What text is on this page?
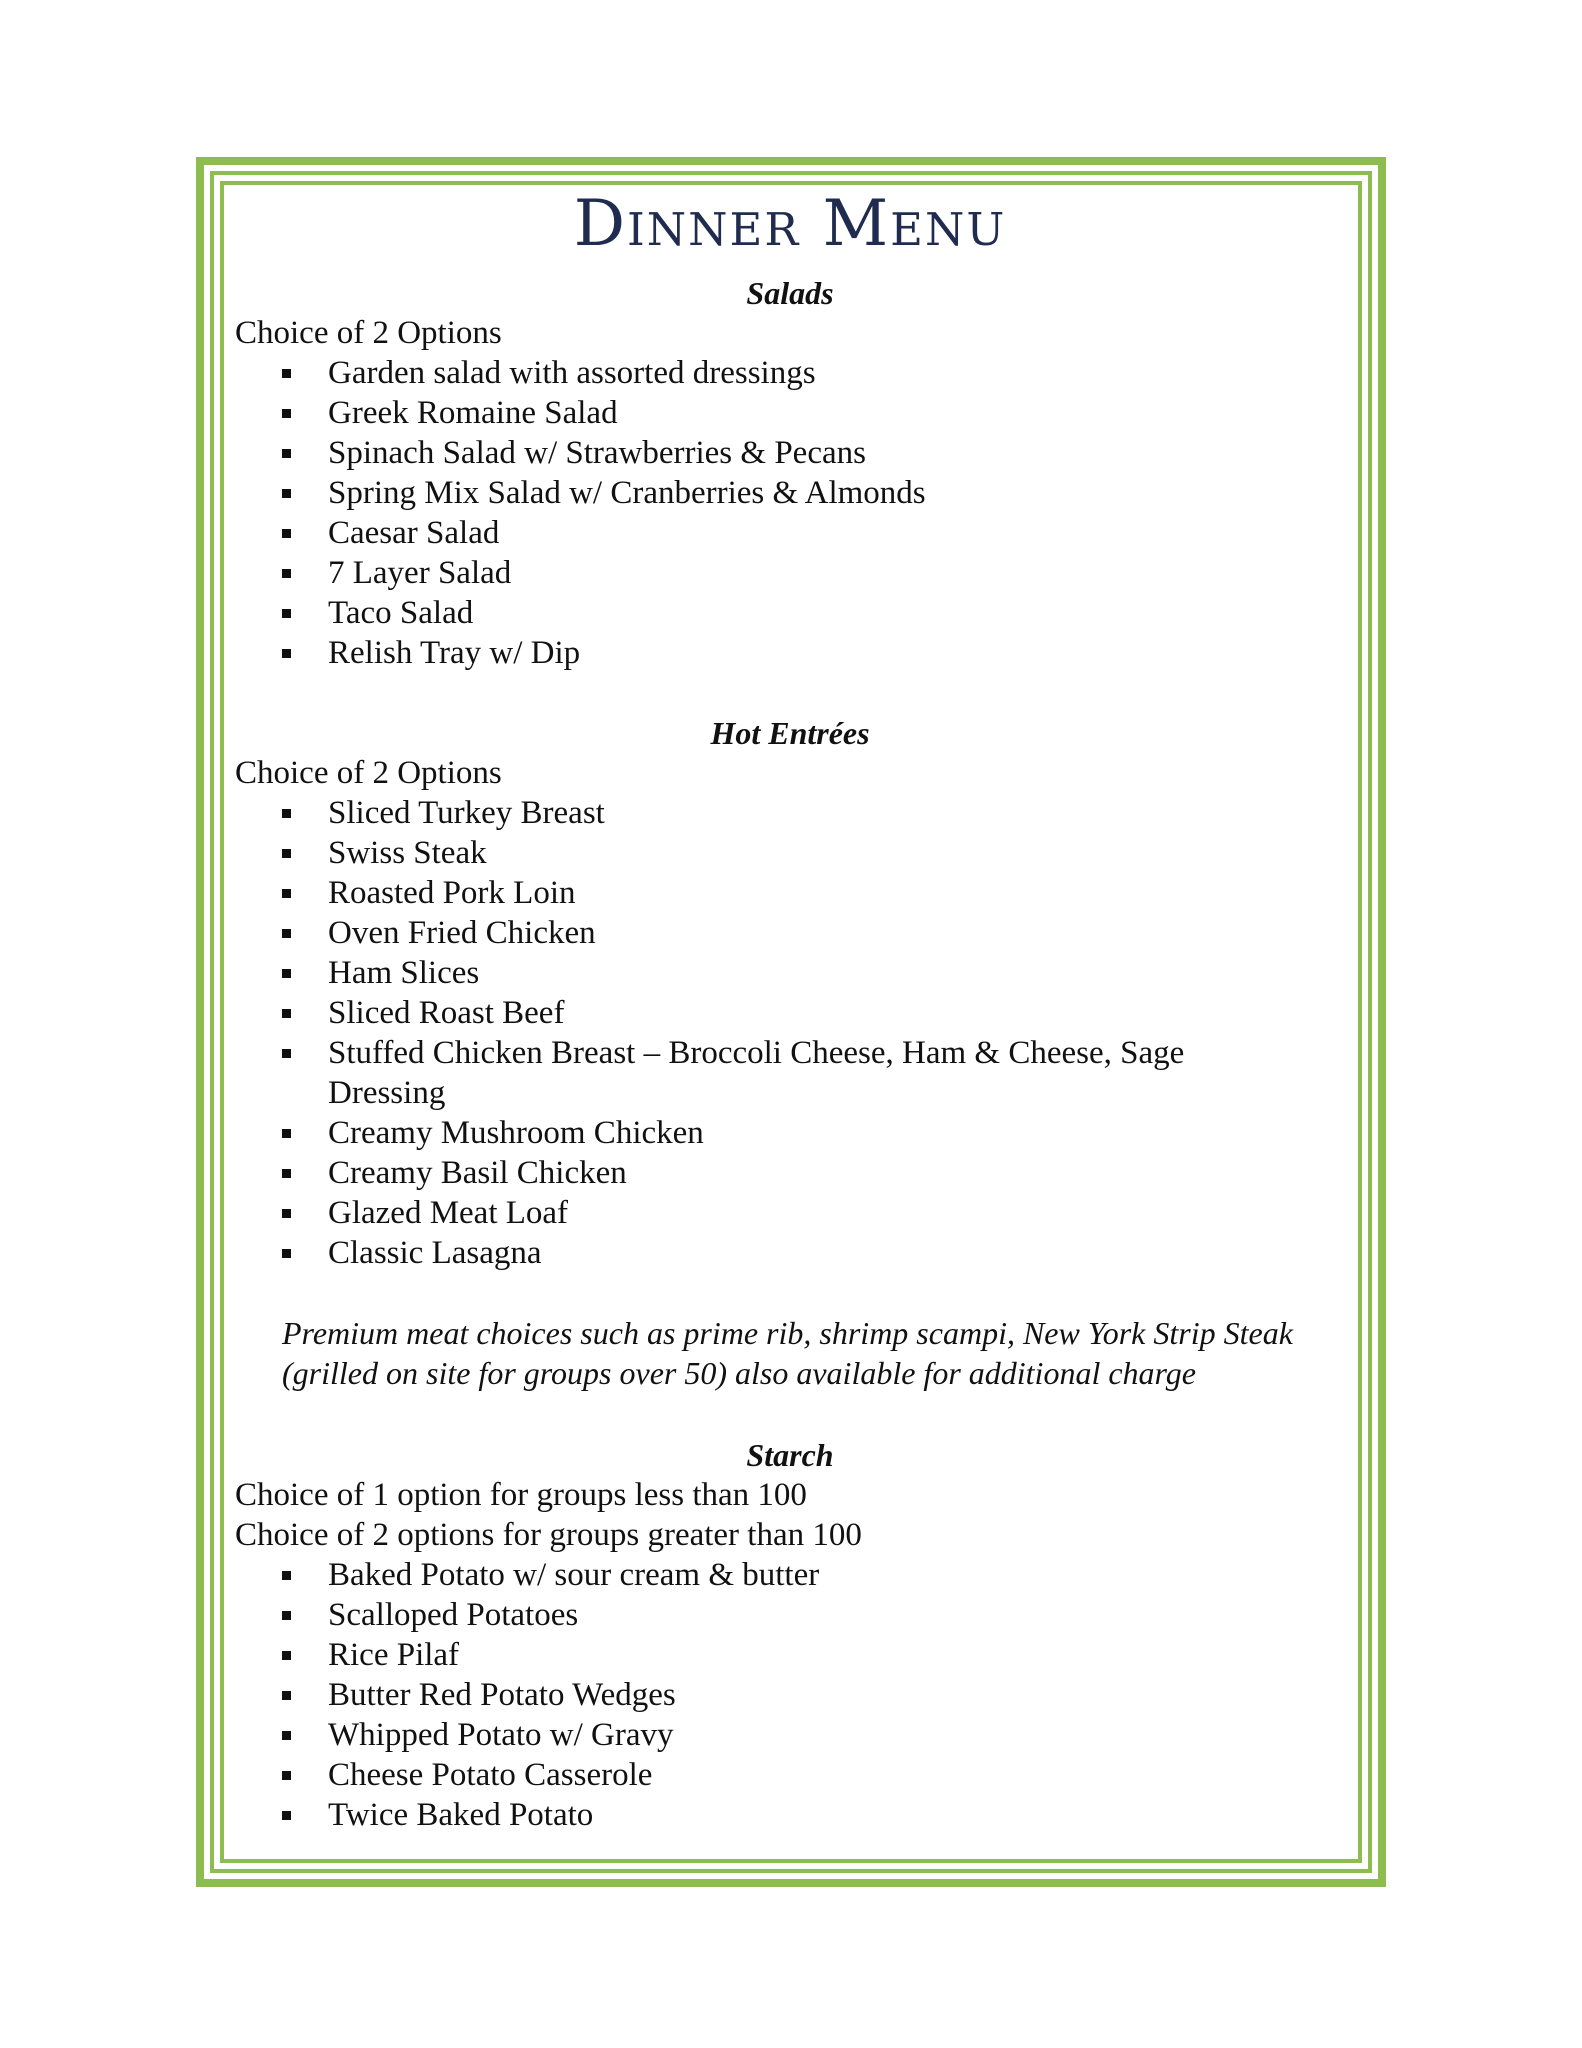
Dinner Menu
Salads
Choice of 2 Options
Garden salad with assorted dressings
Greek Romaine Salad
Spinach Salad w/ Strawberries & Pecans
Spring Mix Salad w/ Cranberries & Almonds
Caesar Salad
7 Layer Salad
Taco Salad
Relish Tray w/ Dip
Hot Entrées
Choice of 2 Options
Sliced Turkey Breast
Swiss Steak
Roasted Pork Loin
Oven Fried Chicken
Ham Slices
Sliced Roast Beef
Stuffed Chicken Breast – Broccoli Cheese, Ham & Cheese, Sage Dressing
Creamy Mushroom Chicken
Creamy Basil Chicken
Glazed Meat Loaf
Classic Lasagna
Premium meat choices such as prime rib, shrimp scampi, New York Strip Steak (grilled on site for groups over 50) also available for additional charge
Starch
Choice of 1 option for groups less than 100
Choice of 2 options for groups greater than 100
Baked Potato w/ sour cream & butter
Scalloped Potatoes
Rice Pilaf
Butter Red Potato Wedges
Whipped Potato w/ Gravy
Cheese Potato Casserole
Twice Baked Potato
